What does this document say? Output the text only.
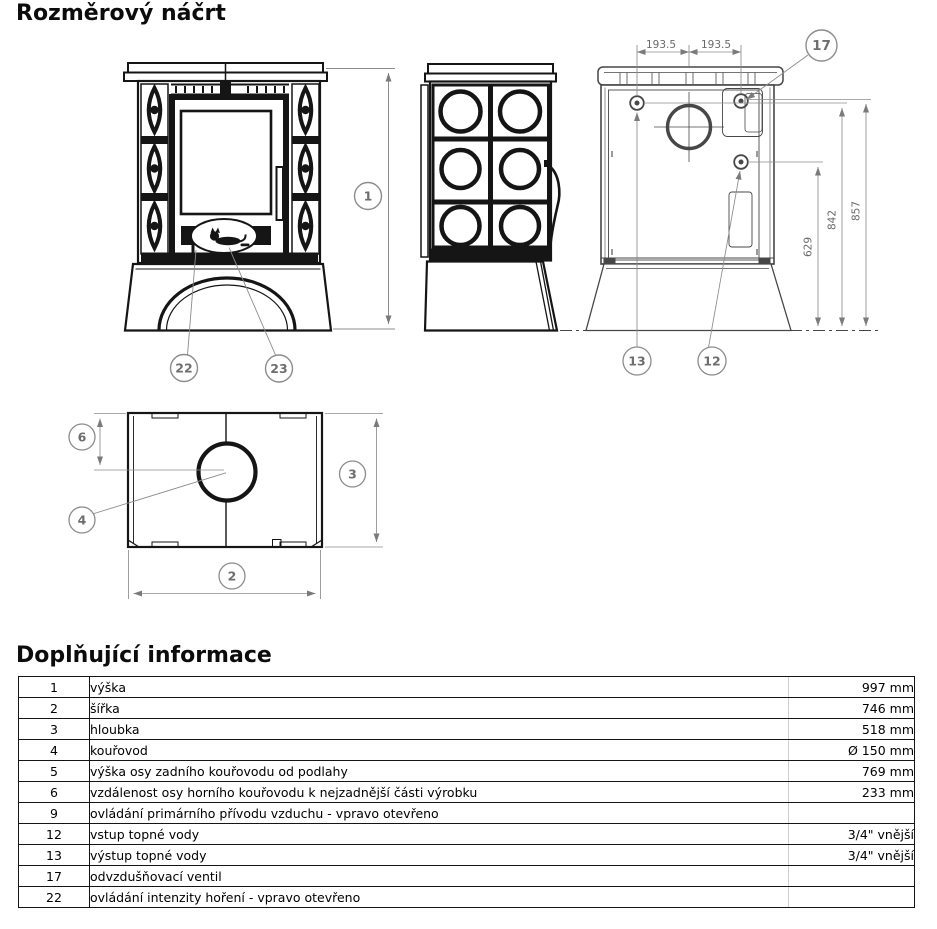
Rozměrový náčrt
1
22	23
193.5 193.5	17
629
842 857
13	12
6
4
3
2
Doplňující informace
1	výška	997 mm
2	šířka	746 mm
3	hloubka	518 mm
4	kouřovod	Ø 150 mm
5	výška osy zadního kouřovodu od podlahy	769 mm
6	vzdálenost osy horního kouřovodu k nejzadnější části výrobku	233 mm
9	ovládání primárního přívodu vzduchu - vpravo otevřeno	
12	vstup topné vody	3/4" vnější
13	výstup topné vody	3/4" vnější
17	odvzdušňovací ventil	
22	ovládání intenzity hoření - vpravo otevřeno	
